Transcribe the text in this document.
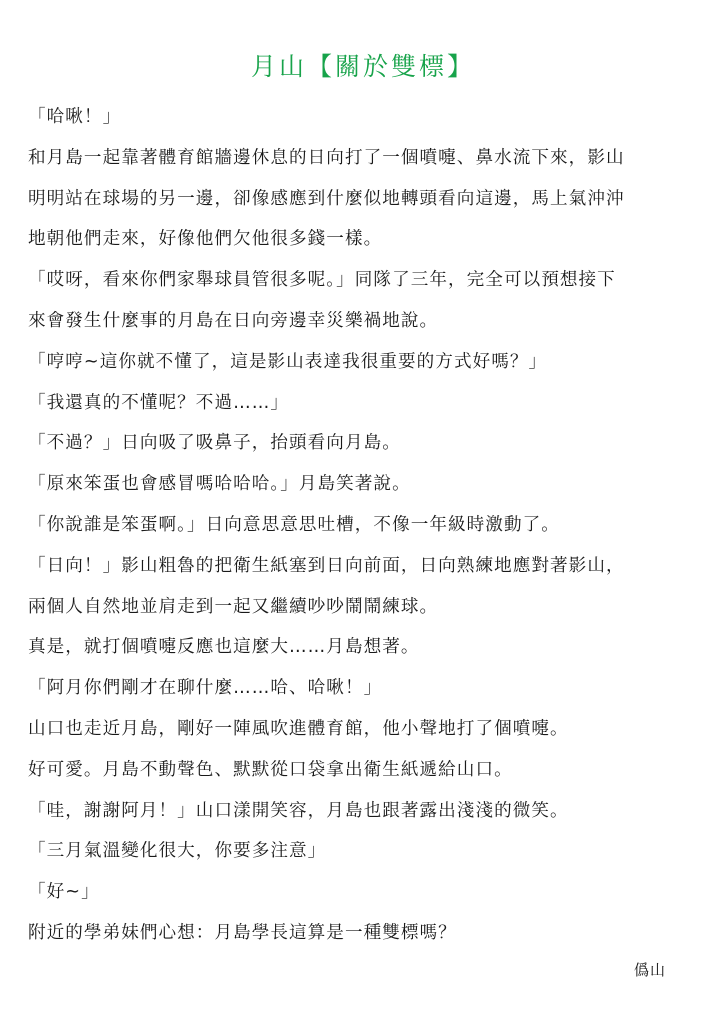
月山【關於雙標】
「哈啾！」
和月島一起靠著體育館牆邊休息的日向打了一個噴嚏、鼻水流下來，影山
明明站在球場的另一邊，卻像感應到什麼似地轉頭看向這邊，馬上氣沖沖
地朝他們走來，好像他們欠他很多錢一樣。
「哎呀，看來你們家舉球員管很多呢。」同隊了三年，完全可以預想接下
來會發生什麼事的月島在日向旁邊幸災樂禍地說。
「哼哼~這你就不懂了，這是影山表達我很重要的方式好嗎？」
「我還真的不懂呢？不過……」
「不過？」日向吸了吸鼻子，抬頭看向月島。
「原來笨蛋也會感冒嗎哈哈哈。」月島笑著說。
「你說誰是笨蛋啊。」日向意思意思吐槽，不像一年級時激動了。
「日向！」影山粗魯的把衛生紙塞到日向前面，日向熟練地應對著影山，
兩個人自然地並肩走到一起又繼續吵吵鬧鬧練球。
真是，就打個噴嚏反應也這麼大……月島想著。
「阿月你們剛才在聊什麼……哈、哈啾！」
山口也走近月島，剛好一陣風吹進體育館，他小聲地打了個噴嚏。
好可愛。月島不動聲色、默默從口袋拿出衛生紙遞給山口。
「哇，謝謝阿月！」山口漾開笑容，月島也跟著露出淺淺的微笑。
「三月氣溫變化很大，你要多注意」
「好~」
附近的學弟妹們心想：月島學長這算是一種雙標嗎？
僞山
